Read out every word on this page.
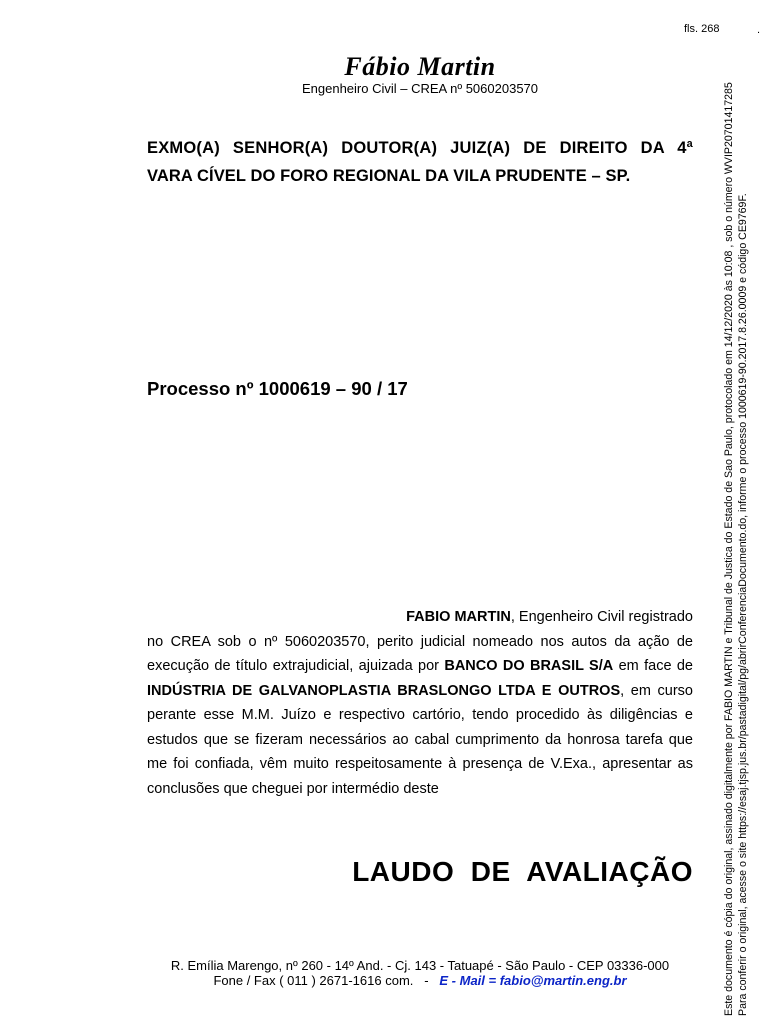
fls. 268	.
Fábio Martin
Engenheiro Civil – CREA nº 5060203570
EXMO(A) SENHOR(A) DOUTOR(A) JUIZ(A) DE DIREITO DA 4ª
VARA CÍVEL DO FORO REGIONAL DA VILA PRUDENTE – SP.
Processo nº 1000619 – 90 / 17
FABIO MARTIN, Engenheiro Civil registrado
no CREA sob o nº 5060203570, perito judicial nomeado nos autos da ação de execução de título extrajudicial, ajuizada por BANCO DO BRASIL S/A em face de INDÚSTRIA DE GALVANOPLASTIA BRASLONGO LTDA E OUTROS, em curso perante esse M.M. Juízo e respectivo cartório, tendo procedido às diligências e estudos que se fizeram necessários ao cabal cumprimento da honrosa tarefa que me foi confiada, vêm muito respeitosamente à presença de V.Exa., apresentar as conclusões que cheguei por intermédio deste
LAUDO  DE  AVALIAÇÃO
R. Emília Marengo, nº 260 - 14º And. - Cj. 143 - Tatuapé - São Paulo - CEP 03336-000
Fone / Fax ( 011 ) 2671-1616 com.   -   E - Mail = fabio@martin.eng.br	Este documento é cópia do original, assinado digitalmente por FABIO MARTIN e Tribunal de Justica do Estado de Sao Paulo, protocolado em 14/12/2020 às 10:08 , sob o número WVIP20701417285 Para conferir o original, acesse o site https://esaj.tjsp.jus.br/pastadigital/pg/abrirConferenciaDocumento.do, informe o processo 1000619-90.2017.8.26.0009 e código CE9769F.
